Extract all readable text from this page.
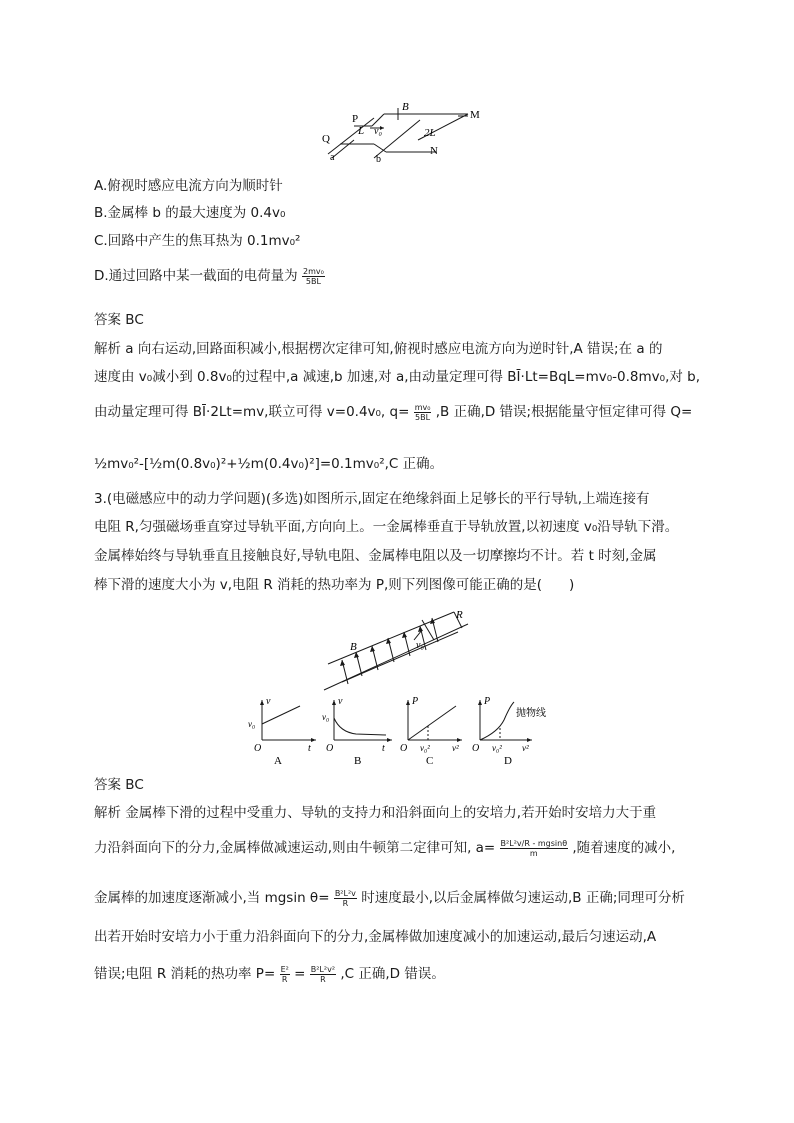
P
B
M
Q
N
a	b
L	2L
v₀
A.俯视时感应电流方向为顺时针
B.金属棒 b 的最大速度为 0.4v₀
C.回路中产生的焦耳热为 0.1mv₀²
D.通过回路中某一截面的电荷量为 $\frac{\text{2mv₀}}{5BL}$
答案 BC
解析 a 向右运动,回路面积减小,根据楞次定律可知,俯视时感应电流方向为逆时针,A 错误;在 a 的
速度由 v₀减小到 0.8v₀的过程中,a 减速,b 加速,对 a,由动量定理可得 BĪ·Lt=BqL=mv₀-0.8mv₀,对 b,
由动量定理可得 BĪ·2Lt=mv,联立可得 v=0.4v₀, $q= \frac{\text{mv₀}}{5BL} ,B$ 正确,D 错误;根据能量守恒定律可得 Q=
½mv₀²-[½m(0.8v₀)²+½m(0.4v₀)²]=0.1mv₀²,C 正确。
3.(电磁感应中的动力学问题)(多选)如图所示,固定在绝缘斜面上足够长的平行导轨,上端连接有
电阻 R,匀强磁场垂直穿过导轨平面,方向向上。一金属棒垂直于导轨放置,以初速度 v₀沿导轨下滑。
金属棒始终与导轨垂直且接触良好,导轨电阻、金属棒电阻以及一切摩擦均不计。若 t 时刻,金属
棒下滑的速度大小为 v,电阻 R 消耗的热功率为 P,则下列图像可能正确的是(　　)
R
B	v₀
v
t
O
v₀
A
v
t
O
v₀
B
P
v²
O v₀²
C
P
v²
O v₀²
抛物线
D
答案 BC
解析 金属棒下滑的过程中受重力、导轨的支持力和沿斜面向上的安培力,若开始时安培力大于重
力沿斜面向下的分力,金属棒做减速运动,则由牛顿第二定律可知, $a= \frac{\text{B²L²v/R - mgsinθ}}{m}$ ,随着速度的减小,
金属棒的加速度逐渐减小,当 mgsin $\theta= \frac{\text{B²L²v}}{R}$ 时速度最小,以后金属棒做匀速运动,B 正确;同理可分析
出若开始时安培力小于重力沿斜面向下的分力,金属棒做加速度减小的加速运动,最后匀速运动,A
错误;电阻 R 消耗的热功率 $P= \frac{\text{E²}}{R} = \frac{\text{B²L²v²}}{R} ,C$ 正确,D 错误。
